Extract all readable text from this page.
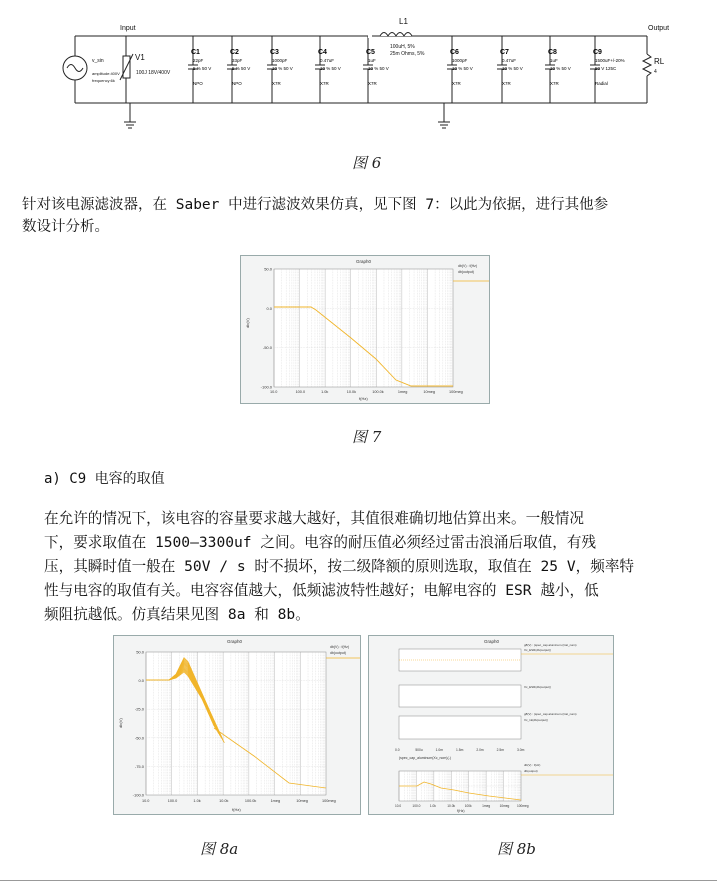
Input	Output
v_sin
amplitude:400V
frequency:6k
V1
100J 18V/400V
C1
22pF
5 % 50 V
NPO
C2
33pF
5 % 50 V
NPO
C3
1000pF
10 % 50 V
X7R
C4
0.47uF
10 % 50 V
X7R
C5
1uF
10 % 50 V
X7R
C6
1000pF
10 % 50 V
X7R
C7
0.47uF
10 % 50 V
X7R
C8
1uF
10 % 50 V
X7R
C9
1500uF+/-20%
50 V 125C
Radial
L1
100uH, 5%
25m Ohms, 5%
RL
4
图 6
针对该电源滤波器，在 Saber 中进行滤波效果仿真，见下图 7：以此为依据，进行其他参
数设计分析。
Graph0
50.0
0.0
-50.0
-100.0
10.0	100.0	1.0k	10.0k	100.0k	1meg	10meg	100meg
db(V) : f(Hz)
db(output)
db(V)
f(Hz)
图 7
a) C9 电容的取值
在允许的情况下，该电容的容量要求越大越好，其值很难确切地估算出来。一般情况
下，要求取值在 1500—3300uf 之间。电容的耐压值必须经过雷击浪涌后取值，有残
压，其瞬时值一般在 50V / s 时不损坏，按二级降额的原则选取，取值在 25 V，频率特
性与电容的取值有关。电容容值越大，低频滤波特性越好；电解电容的 ESR 越小，低
频阻抗越低。仿真结果见图 8a 和 8b。
Graph0
50.0
0.0
-25.0
-50.0
-75.0
-100.0
10.0	100.0	1.0k	10.0k	100.0k	1meg	10meg	100meg
db(V) : f(Hz)
db(output)
db(V)
f(Hz)
Graph0
g8(V) : (spec_cap.aluminum.(Cat_nam)
Xc_ESR(db(output))
Xc_ESR(db(output))
g8(V) : (spec_cap.aluminum.(Cat_nam)
Xc_1k(db(output))
0.0	500u	1.0m	1.5m	2.0m	2.5m	3.0m
(spec_cap_aluminum(Xc_nom)(-)
db(V) : f(Hz)
db(output)
10.0	100.0	1.0k	10.0k	100k	1meg	10meg 100meg
f(Hz)
图 8a	图 8b
